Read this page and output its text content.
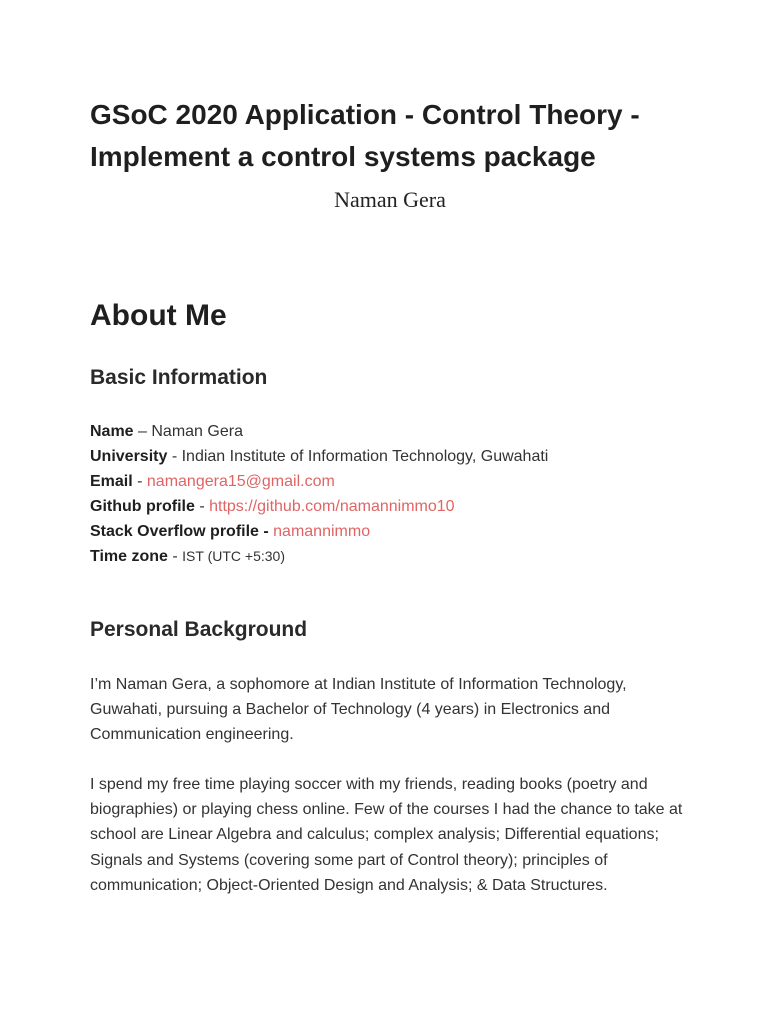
GSoC 2020 Application - Control Theory - Implement a control systems package
Naman Gera
About Me
Basic Information
Name – Naman Gera
University - Indian Institute of Information Technology, Guwahati
Email - namangera15@gmail.com
Github profile - https://github.com/namannimmo10
Stack Overflow profile - namannimmo
Time zone - IST (UTC +5:30)
Personal Background

I’m Naman Gera, a sophomore at Indian Institute of Information Technology, Guwahati, pursuing a Bachelor of Technology (4 years) in Electronics and Communication engineering.

I spend my free time playing soccer with my friends, reading books (poetry and biographies) or playing chess online. Few of the courses I had the chance to take at school are Linear Algebra and calculus; complex analysis; Differential equations; Signals and Systems (covering some part of Control theory); principles of communication; Object-Oriented Design and Analysis; & Data Structures.
